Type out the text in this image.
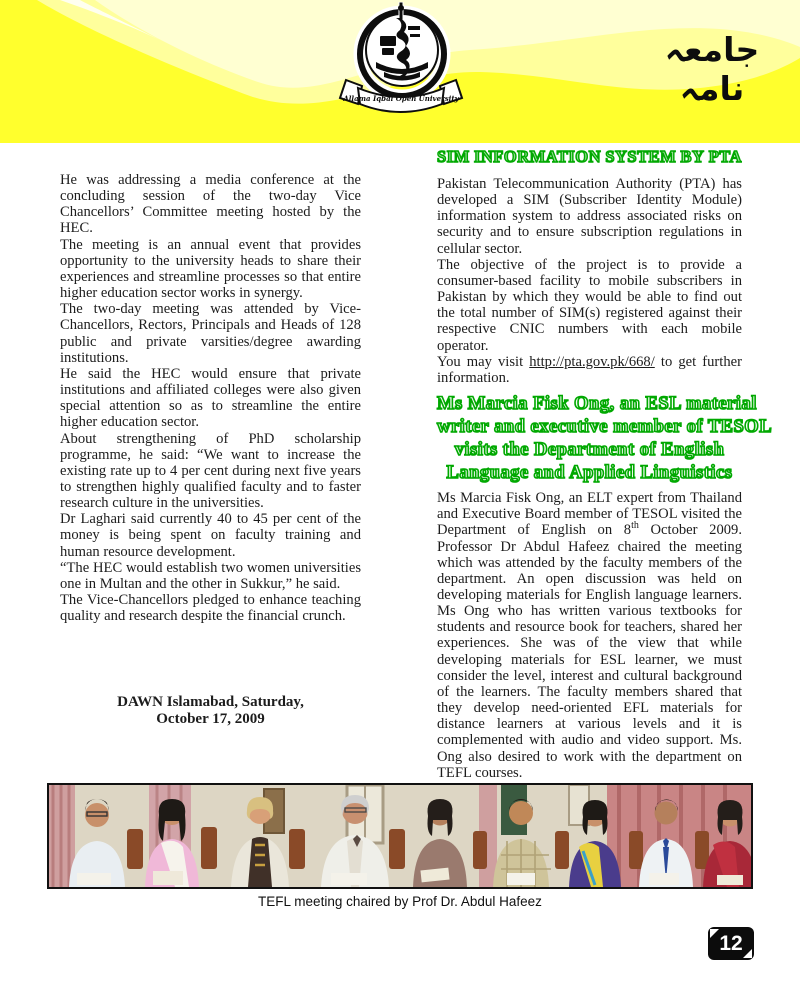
Allama Iqbal Open University
جامعہ نامہ

He was addressing a media conference at the concluding session of the two-day Vice Chancellors’ Committee meeting hosted by the HEC.

The meeting is an annual event that provides opportunity to the university heads to share their experiences and streamline processes so that entire higher education sector works in synergy.

The two-day meeting was attended by Vice-Chancellors, Rectors, Principals and Heads of 128 public and private varsities/degree awarding institutions.

He said the HEC would ensure that private institutions and affiliated colleges were also given special attention so as to streamline the entire higher education sector.

About strengthening of PhD scholarship programme, he said: “We want to increase the existing rate up to 4 per cent during next five years to strengthen highly qualified faculty and to faster research culture in the universities.

Dr Laghari said currently 40 to 45 per cent of the money is being spent on faculty training and human resource development.

“The HEC would establish two women universities one in Multan and the other in Sukkur,” he said.

The Vice-Chancellors pledged to enhance teaching quality and research despite the financial crunch.

DAWN Islamabad, Saturday,
October 17, 2009
SIM INFORMATION SYSTEM BY PTA

Pakistan Telecommunication Authority (PTA) has developed a SIM (Subscriber Identity Module) information system to address associated risks on security and to ensure subscription regulations in cellular sector.

The objective of the project is to provide a consumer-based facility to mobile subscribers in Pakistan by which they would be able to find out the total number of SIM(s) registered against their respective CNIC numbers with each mobile operator.

You may visit http://pta.gov.pk/668/ to get further information.

Ms Marcia Fisk Ong, an ESL material
writer and executive member of TESOL
visits the Department of English
Language and Applied Linguistics

Ms Marcia Fisk Ong, an ELT expert from Thailand and Executive Board member of TESOL visited the Department of English on 8th October 2009. Professor Dr Abdul Hafeez chaired the meeting which was attended by the faculty members of the department. An open discussion was held on developing materials for English language learners. Ms Ong who has written various textbooks for students and resource book for teachers, shared her experiences. She was of the view that while developing materials for ESL learner, we must consider the level, interest and cultural background of the learners. The faculty members shared that they develop need-oriented EFL materials for distance learners at various levels and it is complemented with audio and video support. Ms. Ong also desired to work with the department on TEFL courses.

TEFL meeting chaired by Prof Dr. Abdul Hafeez
12
